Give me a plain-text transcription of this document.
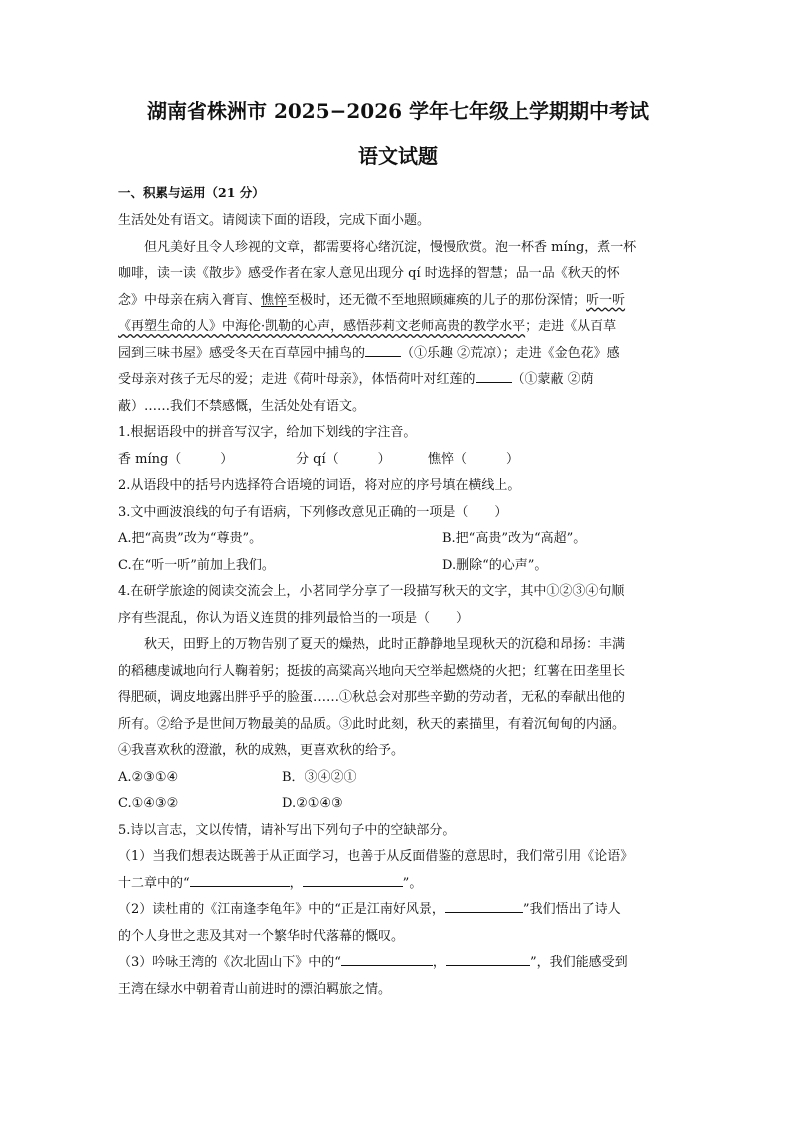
湖南省株洲市 2025−2026 学年七年级上学期期中考试
语文试题

一、积累与运用（21 分）

生活处处有语文。请阅读下面的语段，完成下面小题。

但凡美好且令人珍视的文章，都需要将心绪沉淀，慢慢欣赏。泡一杯香 míng，煮一杯

咖啡，读一读《散步》感受作者在家人意见出现分 qí 时选择的智慧；品一品《秋天的怀

念》中母亲在病入膏肓、憔悴至极时，还无微不至地照顾瘫痪的儿子的那份深情；听一听

《再塑生命的人》中海伦·凯勒的心声，感悟莎莉文老师高贵的教学水平；走进《从百草

园到三味书屋》感受冬天在百草园中捕鸟的	（①乐趣 ②荒凉）；走进《金色花》感

受母亲对孩子无尽的爱；走进《荷叶母亲》，体悟荷叶对红莲的	（①蒙蔽 ②荫

蔽）……我们不禁感慨，生活处处有语文。

1.根据语段中的拼音写汉字，给加下划线的字注音。

香 míng（　　　）	分 qí（　　　）	憔悴（　　　）

2.从语段中的括号内选择符合语境的词语，将对应的序号填在横线上。

3.文中画波浪线的句子有语病，下列修改意见正确的一项是（　　）

A.把“高贵”改为“尊贵”。	B.把“高贵”改为“高超”。
C.在“听一听”前加上我们。	D.删除“的心声”。

4.在研学旅途的阅读交流会上，小茗同学分享了一段描写秋天的文字，其中①②③④句顺

序有些混乱，你认为语义连贯的排列最恰当的一项是（　　）

秋天，田野上的万物告别了夏天的燥热，此时正静静地呈现秋天的沉稳和昂扬：丰满

的稻穗虔诚地向行人鞠着躬；挺拔的高粱高兴地向天空举起燃烧的火把；红薯在田垄里长

得肥硕，调皮地露出胖乎乎的脸蛋……①秋总会对那些辛勤的劳动者，无私的奉献出他的

所有。②给予是世间万物最美的品质。③此时此刻，秋天的素描里，有着沉甸甸的内涵。

④我喜欢秋的澄澈，秋的成熟，更喜欢秋的给予。

A.②③①④	B．③④②①
C.①④③②	D.②①④③

5.诗以言志，文以传情，请补写出下列句子中的空缺部分。

（1）当我们想表达既善于从正面学习，也善于从反面借鉴的意思时，我们常引用《论语》

十二章中的“	，	”。

（2）读杜甫的《江南逢李龟年》中的“正是江南好风景，	”我们悟出了诗人

的个人身世之悲及其对一个繁华时代落幕的慨叹。

（3）吟咏王湾的《次北固山下》中的“	，	”，我们能感受到

王湾在绿水中朝着青山前进时的漂泊羁旅之情。
